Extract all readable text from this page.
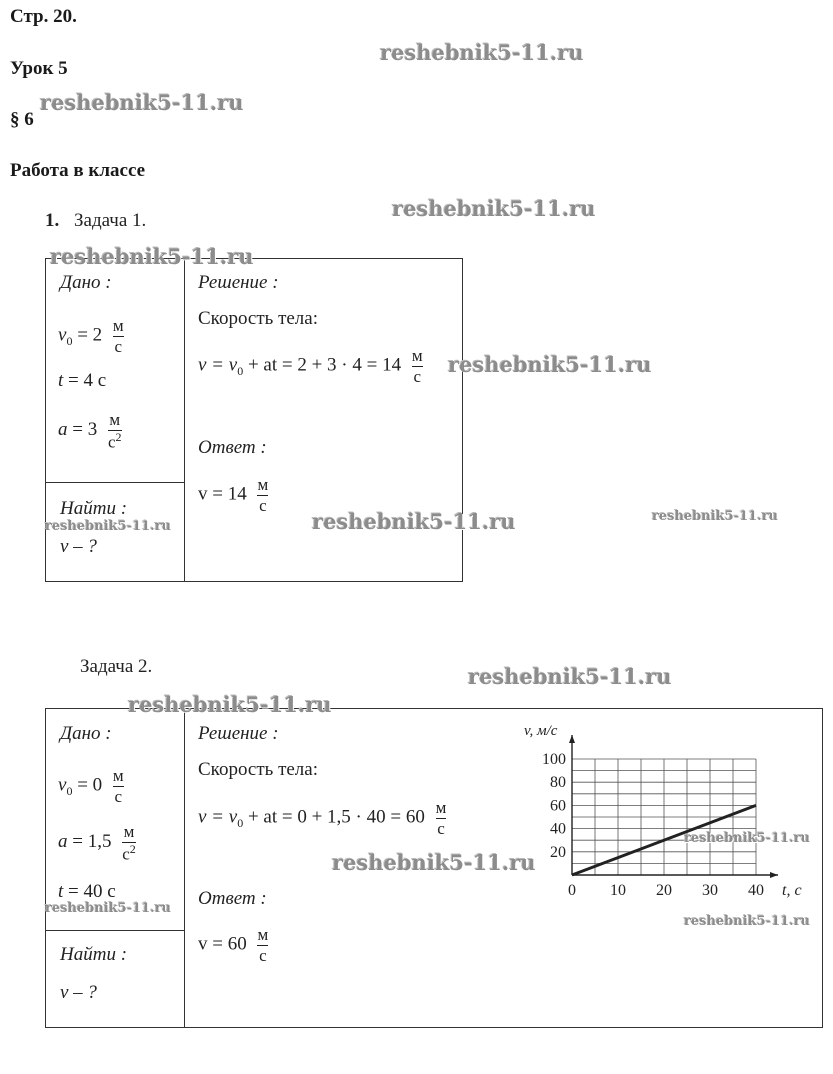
Стр. 20.
Урок 5
§ 6
Работа в классе
1. Задача 1.
Дано :
$v_0 = 2 \frac{м}{с}$
t = 4 с
$a = 3 \frac{м}{с^2}$
Найти :
v – ?
Решение :
Скорость тела:
$v = v_0$ + at = $2 + 3 \cdot 4 = 14 \frac{м}{с}$
Ответ :
$v = 14 \frac{м}{с}$
Задача 2.
Дано :
$v_0 = 0 \frac{м}{с}$
$a = 1,5 \frac{м}{с^2}$
t = 40 с
Найти :
v – ?
Решение :
Скорость тела:
$v = v_0$ + at = $0 + 1,5 \cdot 40 = 60 \frac{м}{с}$
Ответ :
$v = 60 \frac{м}{с}$
0 10 20 30 40
20
40
60
80
100
t, c
v, м/с
reshebnik5-11.ru
reshebnik5-11.ru
reshebnik5-11.ru
reshebnik5-11.ru
reshebnik5-11.ru
reshebnik5-11.ru	reshebnik5-11.ru
reshebnik5-11.ru
reshebnik5-11.ru
reshebnik5-11.ru
reshebnik5-11.ru
reshebnik5-11.ru
reshebnik5-11.ru
reshebnik5-11.ru
